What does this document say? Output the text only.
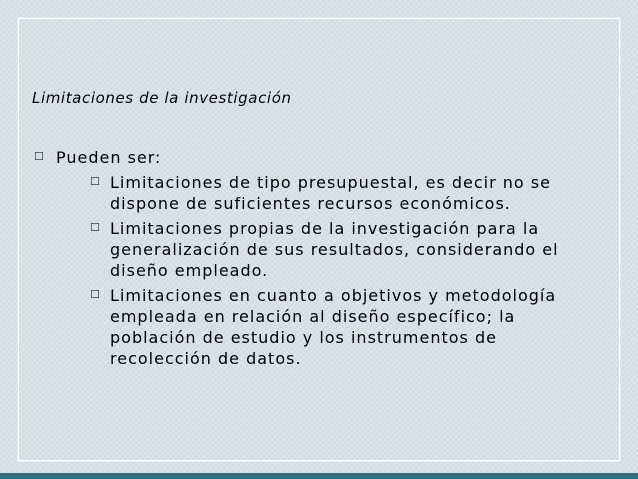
Limitaciones de la investigación
☐ Pueden ser:
☐ Limitaciones de tipo presupuestal, es decir no se dispone de suficientes recursos económicos.
☐ Limitaciones propias de la investigación para la generalización de sus resultados, considerando el diseño empleado.
☐ Limitaciones en cuanto a objetivos y metodología empleada en relación al diseño específico; la población de estudio y los instrumentos de recolección de datos.
